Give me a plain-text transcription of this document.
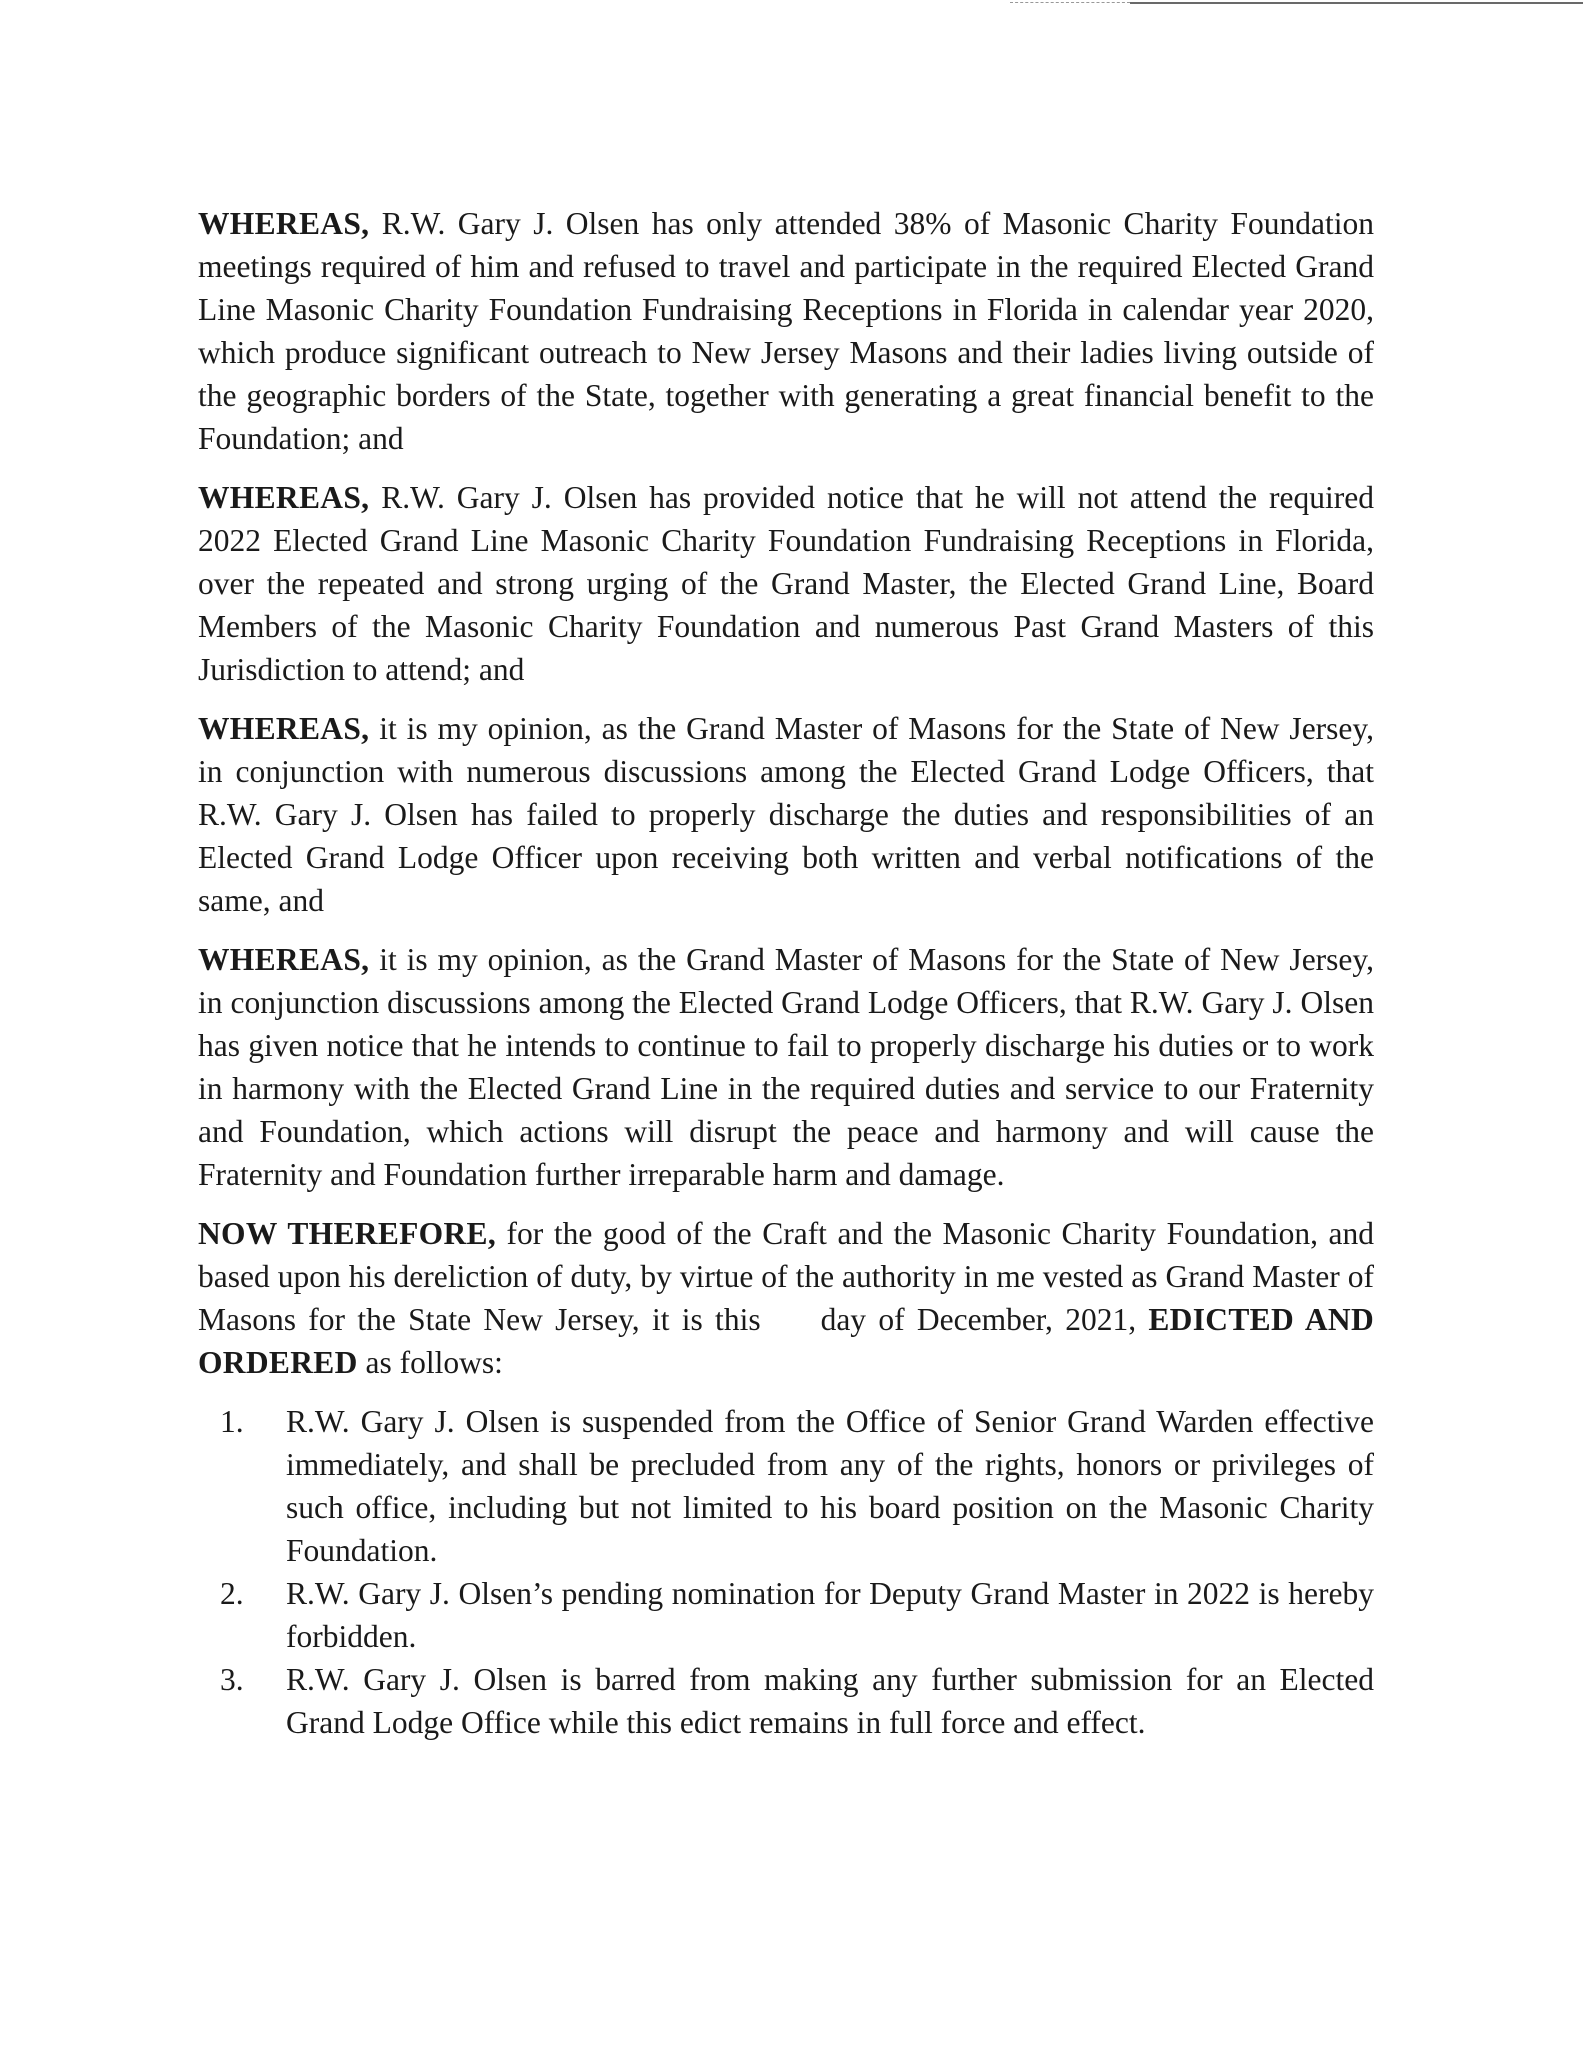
WHEREAS, R.W. Gary J. Olsen has only attended 38% of Masonic Charity Foundation meetings required of him and refused to travel and participate in the required Elected Grand Line Masonic Charity Foundation Fundraising Receptions in Florida in calendar year 2020, which produce significant outreach to New Jersey Masons and their ladies living outside of the geographic borders of the State, together with generating a great financial benefit to the Foundation; and

WHEREAS, R.W. Gary J. Olsen has provided notice that he will not attend the required 2022 Elected Grand Line Masonic Charity Foundation Fundraising Receptions in Florida, over the repeated and strong urging of the Grand Master, the Elected Grand Line, Board Members of the Masonic Charity Foundation and numerous Past Grand Masters of this Jurisdiction to attend; and

WHEREAS, it is my opinion, as the Grand Master of Masons for the State of New Jersey, in conjunction with numerous discussions among the Elected Grand Lodge Officers, that R.W. Gary J. Olsen has failed to properly discharge the duties and responsibilities of an Elected Grand Lodge Officer upon receiving both written and verbal notifications of the same, and

WHEREAS, it is my opinion, as the Grand Master of Masons for the State of New Jersey, in conjunction discussions among the Elected Grand Lodge Officers, that R.W. Gary J. Olsen has given notice that he intends to continue to fail to properly discharge his duties or to work in harmony with the Elected Grand Line in the required duties and service to our Fraternity and Foundation, which actions will disrupt the peace and harmony and will cause the Fraternity and Foundation further irreparable harm and damage.

NOW THEREFORE, for the good of the Craft and the Masonic Charity Foundation, and based upon his dereliction of duty, by virtue of the authority in me vested as Grand Master of Masons for the State New Jersey, it is this day of December, 2021, EDICTED AND ORDERED as follows:

1.	R.W. Gary J. Olsen is suspended from the Office of Senior Grand Warden effective immediately, and shall be precluded from any of the rights, honors or privileges of such office, including but not limited to his board position on the Masonic Charity Foundation.
2.	R.W. Gary J. Olsen’s pending nomination for Deputy Grand Master in 2022 is hereby forbidden.
3.	R.W. Gary J. Olsen is barred from making any further submission for an Elected Grand Lodge Office while this edict remains in full force and effect.
